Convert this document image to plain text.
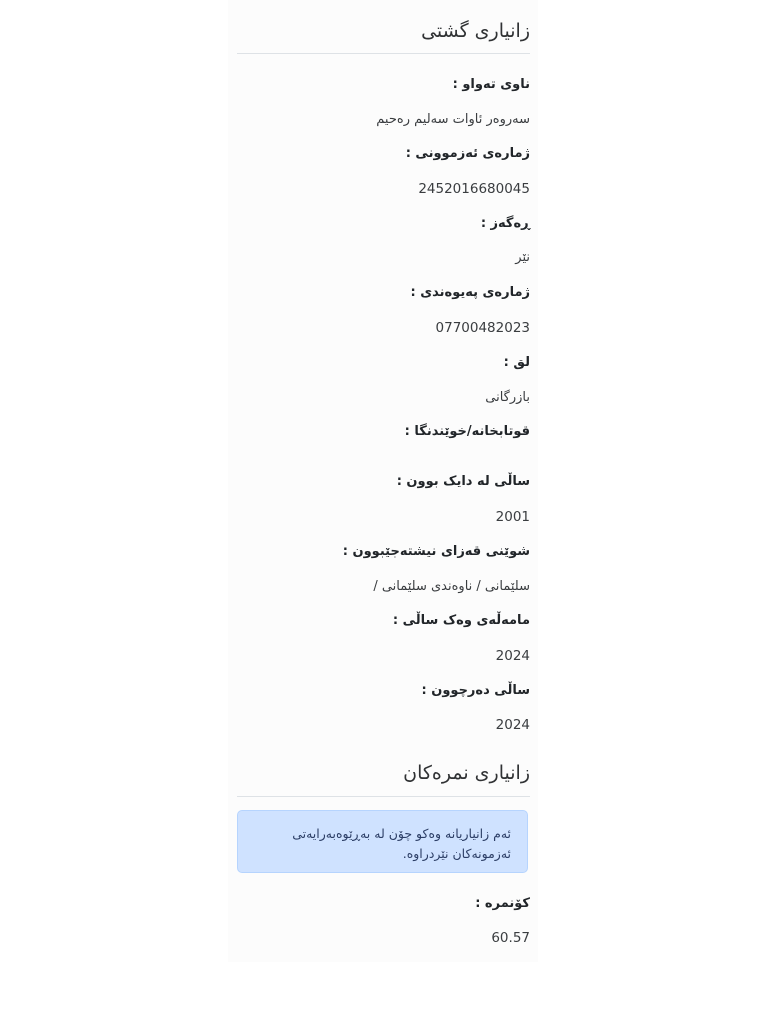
زانیاری گشتی
ناوی تەواو :
سەروەر ئاوات سەلیم رەحیم
ژمارەی ئەزموونی :
2452016680045
ڕەگەز :
نێر
ژمارەی پەیوەندی :
07700482023
لق :
بازرگانی
قوتابخانە/خوێندنگا :
ساڵی لە دایک بوون :
2001
شوێنی قەزای نیشتەجێبوون :
سلێمانی / ناوەندی سلێمانی /
مامەڵەی وەک ساڵی :
2024
ساڵی دەرچوون :
2024
زانیاری نمرەکان
ئەم زانیاریانە وەکو چۆن لە بەڕێوەبەرایەتی ئەزمونەکان نێردراوە.
کۆنمرە :
60.57
